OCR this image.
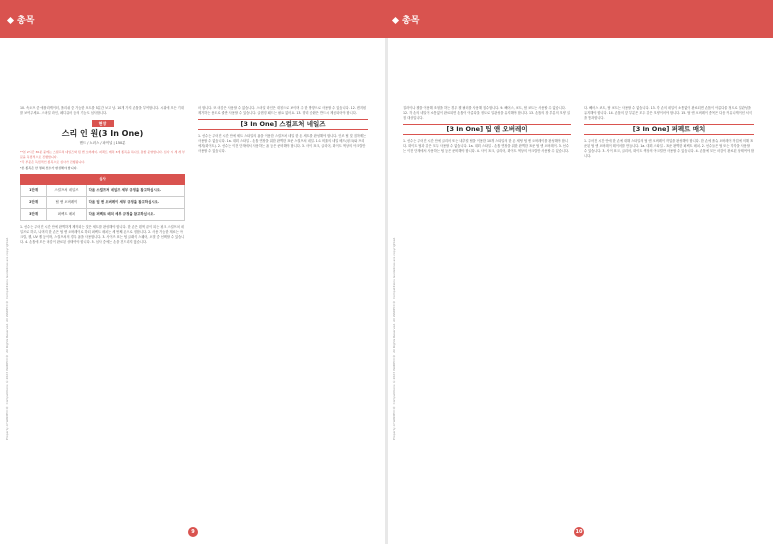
총목	총목
Property of WADPCC® Competitions ©2023 WADPCC® All Rights Reserved. All WADPCC® Competitions Guidelines are copyrighted.

10. 속오프 중 애플리케이터, 폴리쉬 중 가능한 포트를 5분간 보고 남. 10개 가지 손톱을 부여합니다. 시위에 모든 기대를 보여주세요. 스마일 라인, 페디큐어 등의 기능도 심사합니다.

현장
스리 인 원(3 In One)
핸드 / 노러스 / 파이널 | 150분
**본 2시간 30분 중에는 스컬프처 네일즈와 팁 앤 오버레이, 퍼펙트 매치 3개 종목을 하나로 통합 운영합니다. 심사 시 세 개 부문을 독립적으로 진행합니다.
*각 부문은 독립적인 종목으로 심사가 진행됩니다.
*본 종목은 한 명의 선수가 완성해야 합니다.
심사		
1단계	스컬프처 네일즈	다음 스컬프처 네일즈 세부 규정을 참고하십시오.
2단계	팁 앤 오버레이	다음 팁 앤 오버레이 세부 규정을 참고하십시오.
3단계	퍼펙트 매치	다음 퍼펙트 매치 세부 규정을 참고하십시오.

1. 선수는 주어진 시간 안에 완벽하게 제작되는 것은 세트를 완성해야 합니다. 한 손은 흰색 끝이 되는 핑크 스컬프처 네일즈로 하고, 나머지 한 손은 팁 앤 오버레이로 하되 퍼펙트 매치는 세 번째 손으로 정합니다. 2. 사용 가능한 재료는 아크릴, 젤, UV 젤 등이며, 스컬프처의 경우 폼을 사용합니다. 3. 사이즈 표는 팁 클래식 스퀘어, 오벌 중 선택할 수 있습니다. 4. 손톱에 모든 마감이 완료된 상태여야 합니다. 5. 심사 중에는 손을 건드리지 않습니다.

마 합니다. 또 마감은 사용할 수 없습니다. 스마일 라인은 대칭으로 보이며 주 한 방향으로 사용할 수 있습니다. 12. 변지원 제거하는 용도로 줄만 사용할 수 있습니다. 클렌징 패드는 필요 없어요. 13. 향리 순환은 반드시 제공되어야 합니다.

[3 In One] 스컬프처 네일즈

1. 선수는 주어진 시간 안에 세트 스타일의 폼을 이용한 스컬프처 네일 한 손 세트를 완성해야 합니다. 인조 팁 및 접착제는 사용할 수 없습니다. 1a. 대회 스타일 - 손톱 연장을 위한 완벽한 표준 스컬프처 네일. 1:1 비율의 네일 베드(핑크)와 프리 에지(화이트). 2. 선수는 이전 단계에서 사용하는 폼 등은 준비해야 합니다. 3. 사이 표크, 클리어, 화이트 색상의 아크릴만 사용할 수 있습니다.

9
Property of WADPCC® Competitions ©2023 WADPCC® All Rights Reserved. All WADPCC® Competitions Guidelines are copyrighted.

질러이나 젤을 이용해 조형을 하는 경우 젤 필러를 사용해 접수합니다. 9. 뻬어스, 코트, 탑 코트는 사용할 수 없습니다. 12. 각 손의 네일이 소통없이 완료되면 손톱이 아름다울 정도로 일관성을 유지해야 합니다. 13. 손톱의 창 부분의 모양 실점 대상입니다.

[3 In One] 팁 앤 오버레이

1. 선수는 주어진 시간 안에 클리어 또는 내추럴 팁을 이용한 10개 스타일의 한 손 세팅 팁 앤 오버레이를 완성해야 합니다. 화이트 팁과 같은 모두 사용할 수 없습니다. 1a. 대회 스타일 - 손톱 연장을 위한 완벽한 표준 팁 앤 오버레이. 3. 선수는 이전 단계에서 사용하는 팁 등은 준비해야 합니다. 4. 사이 표크, 클리어, 화이트 색상의 아크릴만 사용할 수 있습니다.

다. 뻬어스 코트, 탑 코트는 사용할 수 없습니다. 13. 각 손의 네일이 소통없이 완료되면 손톱이 아름다울 정도로 일관성을 유지해야 합니다. 14. 손톱의 앞 부분은 모두 같은 모양이어야 합니다. 15. 탑 앤 오버레이 종목은 다음 커뮤니케이션 서식을 통과합니다.

[3 In One] 퍼펙트 매치

1. 주어진 시간 안에 한 손에 대해 스타일의 팁 앤 오버레이 작업을 완성해야 합니다. 한 손에 폴슈 오버레이 작업에 의해 표준된 팁 앤 오버레이 레이어를 만듭니다. 1a. 대회 스타일 - 표준 완벽한 퍼펙트 매치. 2. 선수들은 팁 또는 각각을 사용할 수 있습니다. 3. 사이 표크, 클리어, 화이트 색상의 아크릴만 사용할 수 있습니다. 4. 손톱에 모든 마감이 완료된 상태여야 합니다.

10
